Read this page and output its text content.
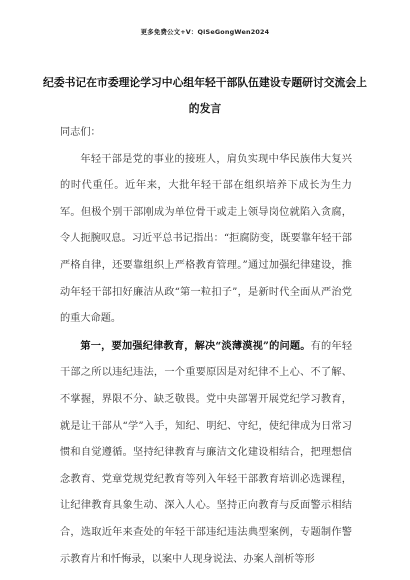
更多免费公文+V：QiSeGongWen2024
纪委书记在市委理论学习中心组年轻干部队伍建设专题研讨交流会上的发言

同志们：

年轻干部是党的事业的接班人，肩负实现中华民族伟大复兴的时代重任。近年来，大批年轻干部在组织培养下成长为生力军。但极个别干部刚成为单位骨干或走上领导岗位就陷入贪腐，令人扼腕叹息。习近平总书记指出：“拒腐防变，既要靠年轻干部严格自律，还要靠组织上严格教育管理。”通过加强纪律建设，推动年轻干部扣好廉洁从政“第一粒扣子”，是新时代全面从严治党的重大命题。

第一，要加强纪律教育，解决“淡薄漠视”的问题。有的年轻干部之所以违纪违法，一个重要原因是对纪律不上心、不了解、不掌握，界限不分、缺乏敬畏。党中央部署开展党纪学习教育，就是让干部从“学”入手，知纪、明纪、守纪，使纪律成为日常习惯和自觉遵循。坚持纪律教育与廉洁文化建设相结合，把理想信念教育、党章党规党纪教育等列入年轻干部教育培训必选课程，让纪律教育具象生动、深入人心。坚持正向教育与反面警示相结合，选取近年来查处的年轻干部违纪违法典型案例，专题制作警示教育片和忏悔录，以案中人现身说法、办案人剖析等形
